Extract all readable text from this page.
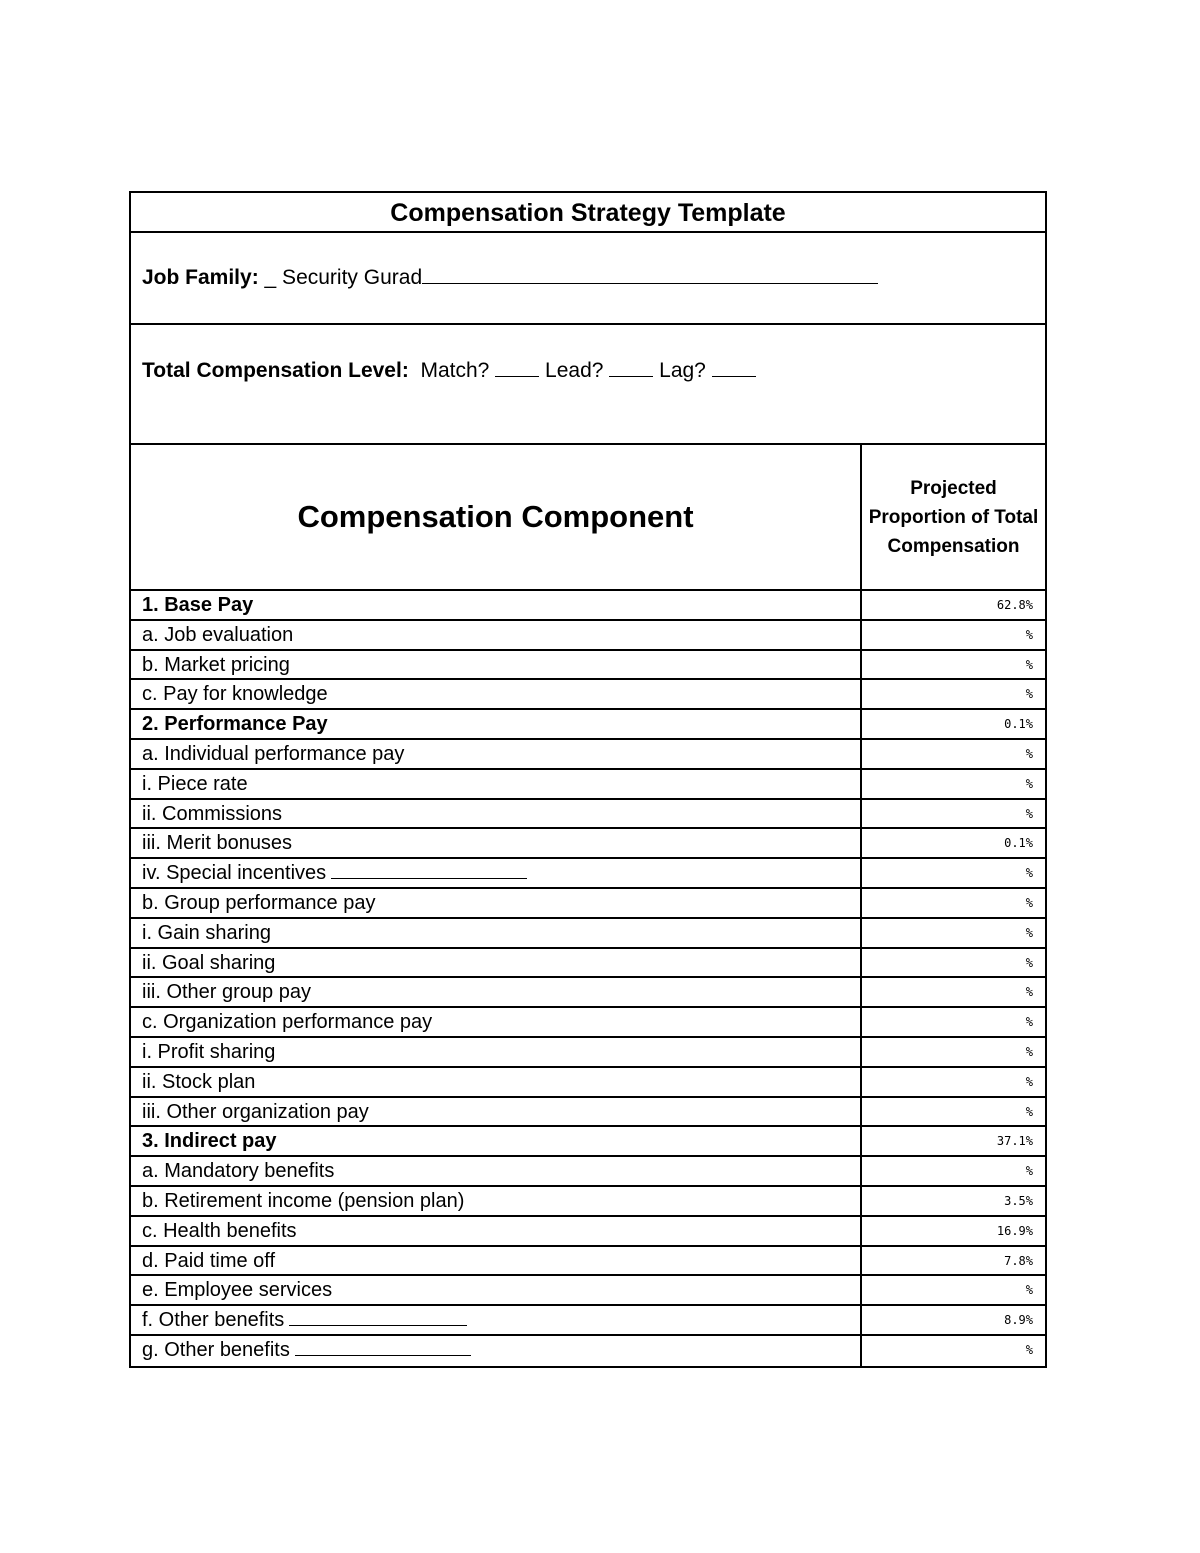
Compensation Strategy Template
Job Family: _ Security Gurad
Total Compensation Level: Match?	Lead?	Lag?
Compensation Component
Projected Proportion of Total Compensation
1. Base Pay	62.8%
a. Job evaluation	%
b. Market pricing	%
c. Pay for knowledge	%
2. Performance Pay	0.1%
a. Individual performance pay	%
i. Piece rate	%
ii. Commissions	%
iii. Merit bonuses	0.1%
iv. Special incentives	%
b. Group performance pay	%
i. Gain sharing	%
ii. Goal sharing	%
iii. Other group pay	%
c. Organization performance pay	%
i. Profit sharing	%
ii. Stock plan	%
iii. Other organization pay	%
3. Indirect pay	37.1%
a. Mandatory benefits	%
b. Retirement income (pension plan)	3.5%
c. Health benefits	16.9%
d. Paid time off	7.8%
e. Employee services	%
f. Other benefits	8.9%
g. Other benefits	%
